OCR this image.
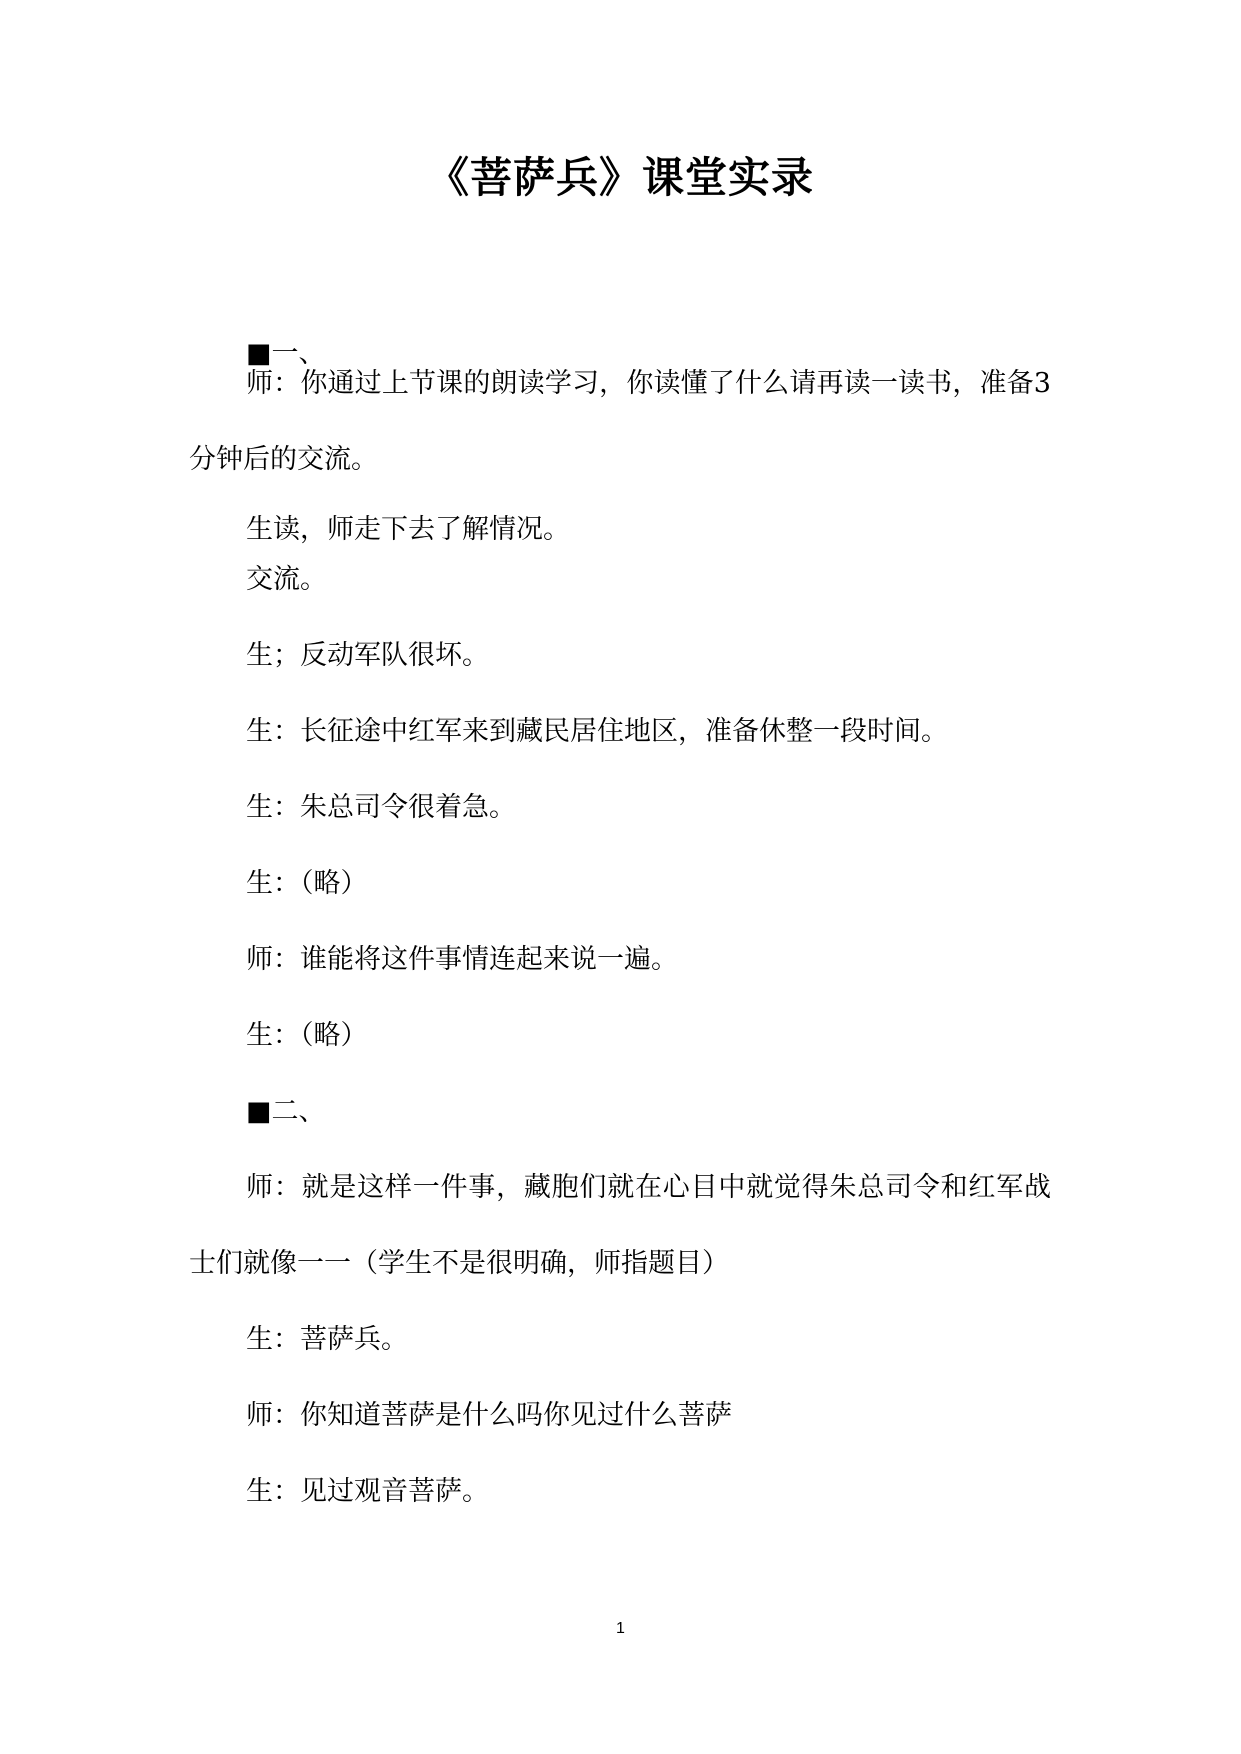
《菩萨兵》课堂实录
■一、
师：你通过上节课的朗读学习，你读懂了什么请再读一读书，准备3分钟后的交流。
生读，师走下去了解情况。
交流。
生；反动军队很坏。
生：长征途中红军来到藏民居住地区，准备休整一段时间。
生：朱总司令很着急。
生：（略）
师：谁能将这件事情连起来说一遍。
生：（略）
■二、
师：就是这样一件事，藏胞们就在心目中就觉得朱总司令和红军战士们就像一一（学生不是很明确，师指题目）
生：菩萨兵。
师：你知道菩萨是什么吗你见过什么菩萨
生：见过观音菩萨。
1
